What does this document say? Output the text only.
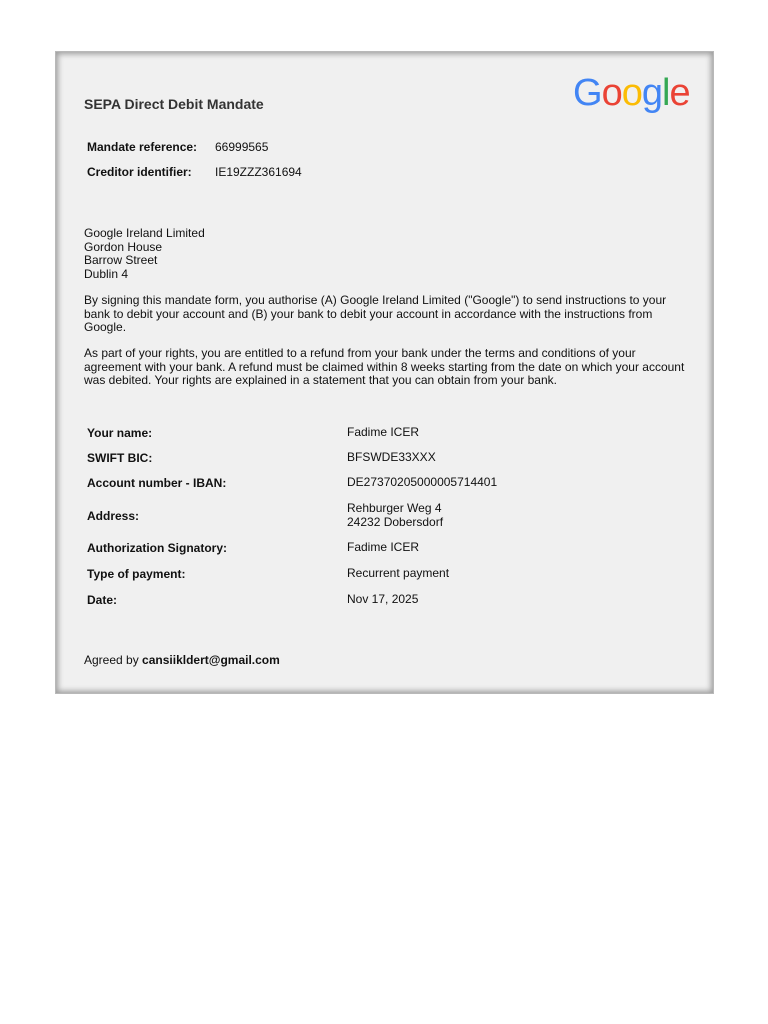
SEPA Direct Debit Mandate	Google
Mandate reference: 66999565
Creditor identifier: IE19ZZZ361694
Google Ireland Limited
Gordon House
Barrow Street
Dublin 4

By signing this mandate form, you authorise (A) Google Ireland Limited ("Google") to send instructions to your bank to debit your account and (B) your bank to debit your account in accordance with the instructions from Google.

As part of your rights, you are entitled to a refund from your bank under the terms and conditions of your agreement with your bank. A refund must be claimed within 8 weeks starting from the date on which your account was debited. Your rights are explained in a statement that you can obtain from your bank.

Your name:	Fadime ICER
SWIFT BIC:	BFSWDE33XXX
Account number - IBAN:	DE27370205000005714401
Address:
Rehburger Weg 4
24232 Dobersdorf
Authorization Signatory:	Fadime ICER
Type of payment:	Recurrent payment
Date:	Nov 17, 2025
Agreed by cansiikldert@gmail.com
